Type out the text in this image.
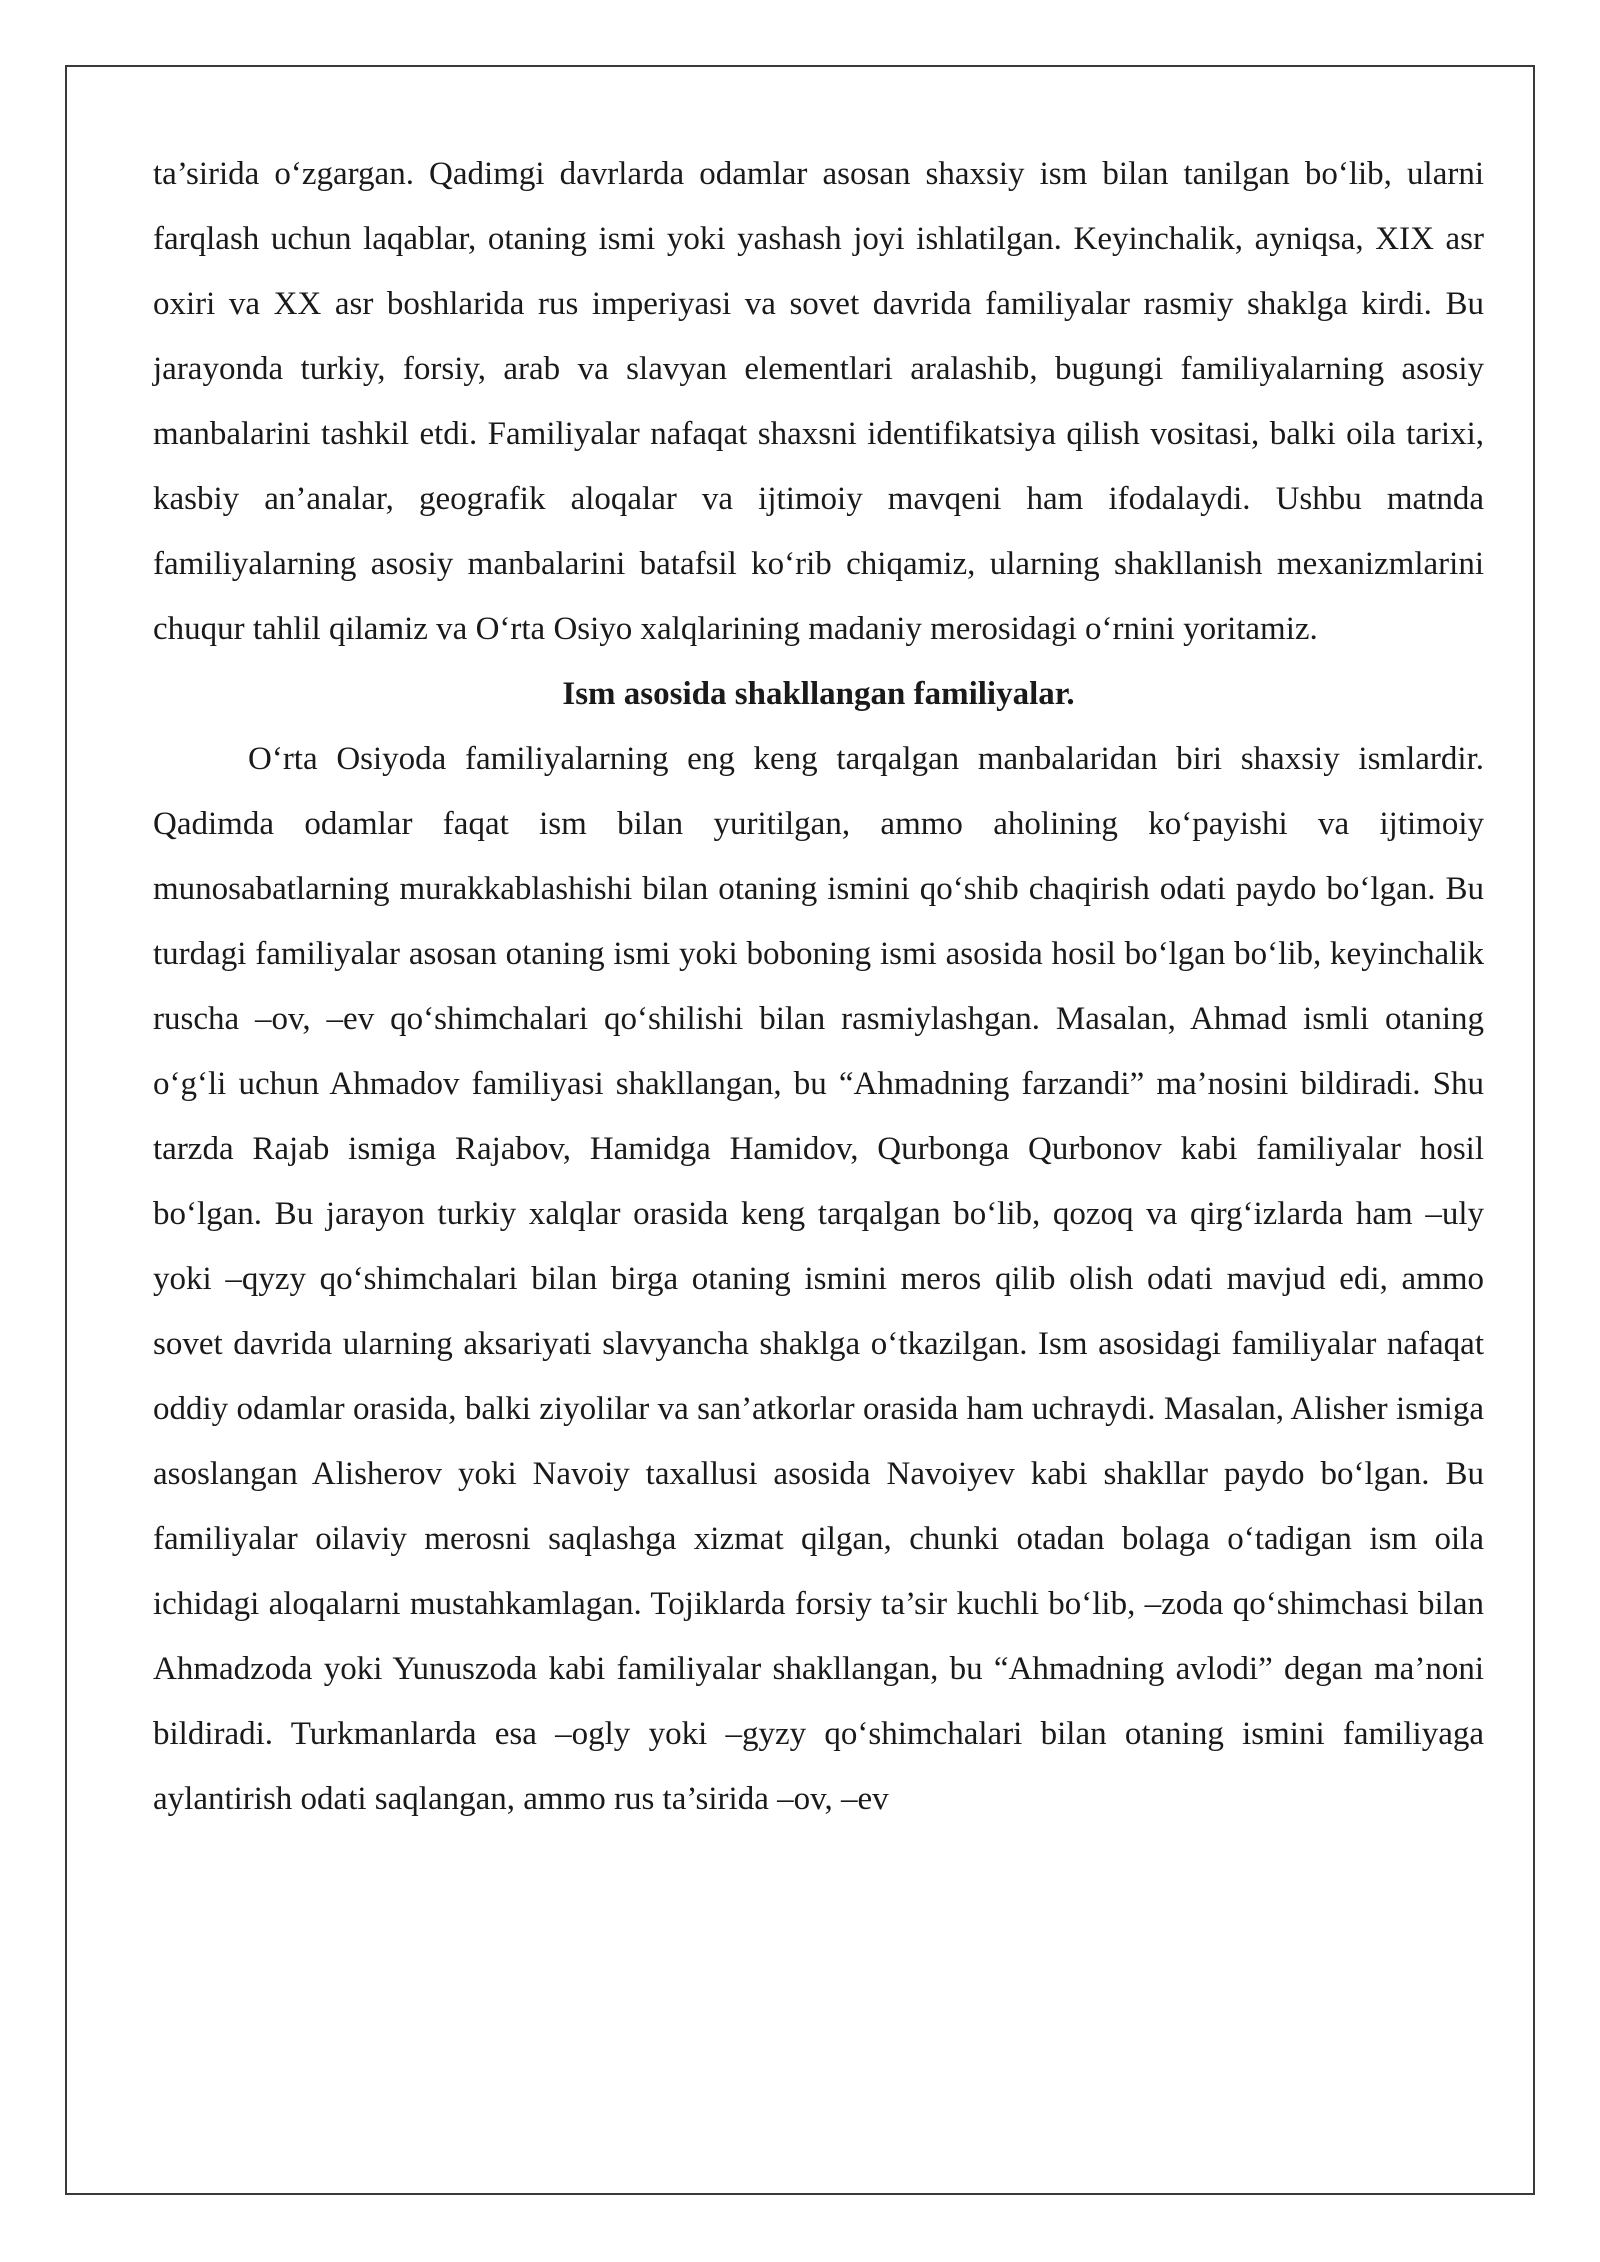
ta’sirida o‘zgargan. Qadimgi davrlarda odamlar asosan shaxsiy ism bilan tanilgan bo‘lib, ularni farqlash uchun laqablar, otaning ismi yoki yashash joyi ishlatilgan. Keyinchalik, ayniqsa, XIX asr oxiri va XX asr boshlarida rus imperiyasi va sovet davrida familiyalar rasmiy shaklga kirdi. Bu jarayonda turkiy, forsiy, arab va slavyan elementlari aralashib, bugungi familiyalarning asosiy manbalarini tashkil etdi. Familiyalar nafaqat shaxsni identifikatsiya qilish vositasi, balki oila tarixi, kasbiy an’analar, geografik aloqalar va ijtimoiy mavqeni ham ifodalaydi. Ushbu matnda familiyalarning asosiy manbalarini batafsil ko‘rib chiqamiz, ularning shakllanish mexanizmlarini chuqur tahlil qilamiz va O‘rta Osiyo xalqlarining madaniy merosidagi o‘rnini yoritamiz.

Ism asosida shakllangan familiyalar.

O‘rta Osiyoda familiyalarning eng keng tarqalgan manbalaridan biri shaxsiy ismlardir. Qadimda odamlar faqat ism bilan yuritilgan, ammo aholining ko‘payishi va ijtimoiy munosabatlarning murakkablashishi bilan otaning ismini qo‘shib chaqirish odati paydo bo‘lgan. Bu turdagi familiyalar asosan otaning ismi yoki boboning ismi asosida hosil bo‘lgan bo‘lib, keyinchalik ruscha –ov, –ev qo‘shimchalari qo‘shilishi bilan rasmiylashgan. Masalan, Ahmad ismli otaning o‘g‘li uchun Ahmadov familiyasi shakllangan, bu “Ahmadning farzandi” ma’nosini bildiradi. Shu tarzda Rajab ismiga Rajabov, Hamidga Hamidov, Qurbonga Qurbonov kabi familiyalar hosil bo‘lgan. Bu jarayon turkiy xalqlar orasida keng tarqalgan bo‘lib, qozoq va qirg‘izlarda ham –uly yoki –qyzy qo‘shimchalari bilan birga otaning ismini meros qilib olish odati mavjud edi, ammo sovet davrida ularning aksariyati slavyancha shaklga o‘tkazilgan. Ism asosidagi familiyalar nafaqat oddiy odamlar orasida, balki ziyolilar va san’atkorlar orasida ham uchraydi. Masalan, Alisher ismiga asoslangan Alisherov yoki Navoiy taxallusi asosida Navoiyev kabi shakllar paydo bo‘lgan. Bu familiyalar oilaviy merosni saqlashga xizmat qilgan, chunki otadan bolaga o‘tadigan ism oila ichidagi aloqalarni mustahkamlagan. Tojiklarda forsiy ta’sir kuchli bo‘lib, –zoda qo‘shimchasi bilan Ahmadzoda yoki Yunuszoda kabi familiyalar shakllangan, bu “Ahmadning avlodi” degan ma’noni bildiradi. Turkmanlarda esa –ogly yoki –gyzy qo‘shimchalari bilan otaning ismini familiyaga aylantirish odati saqlangan, ammo rus ta’sirida –ov, –ev
